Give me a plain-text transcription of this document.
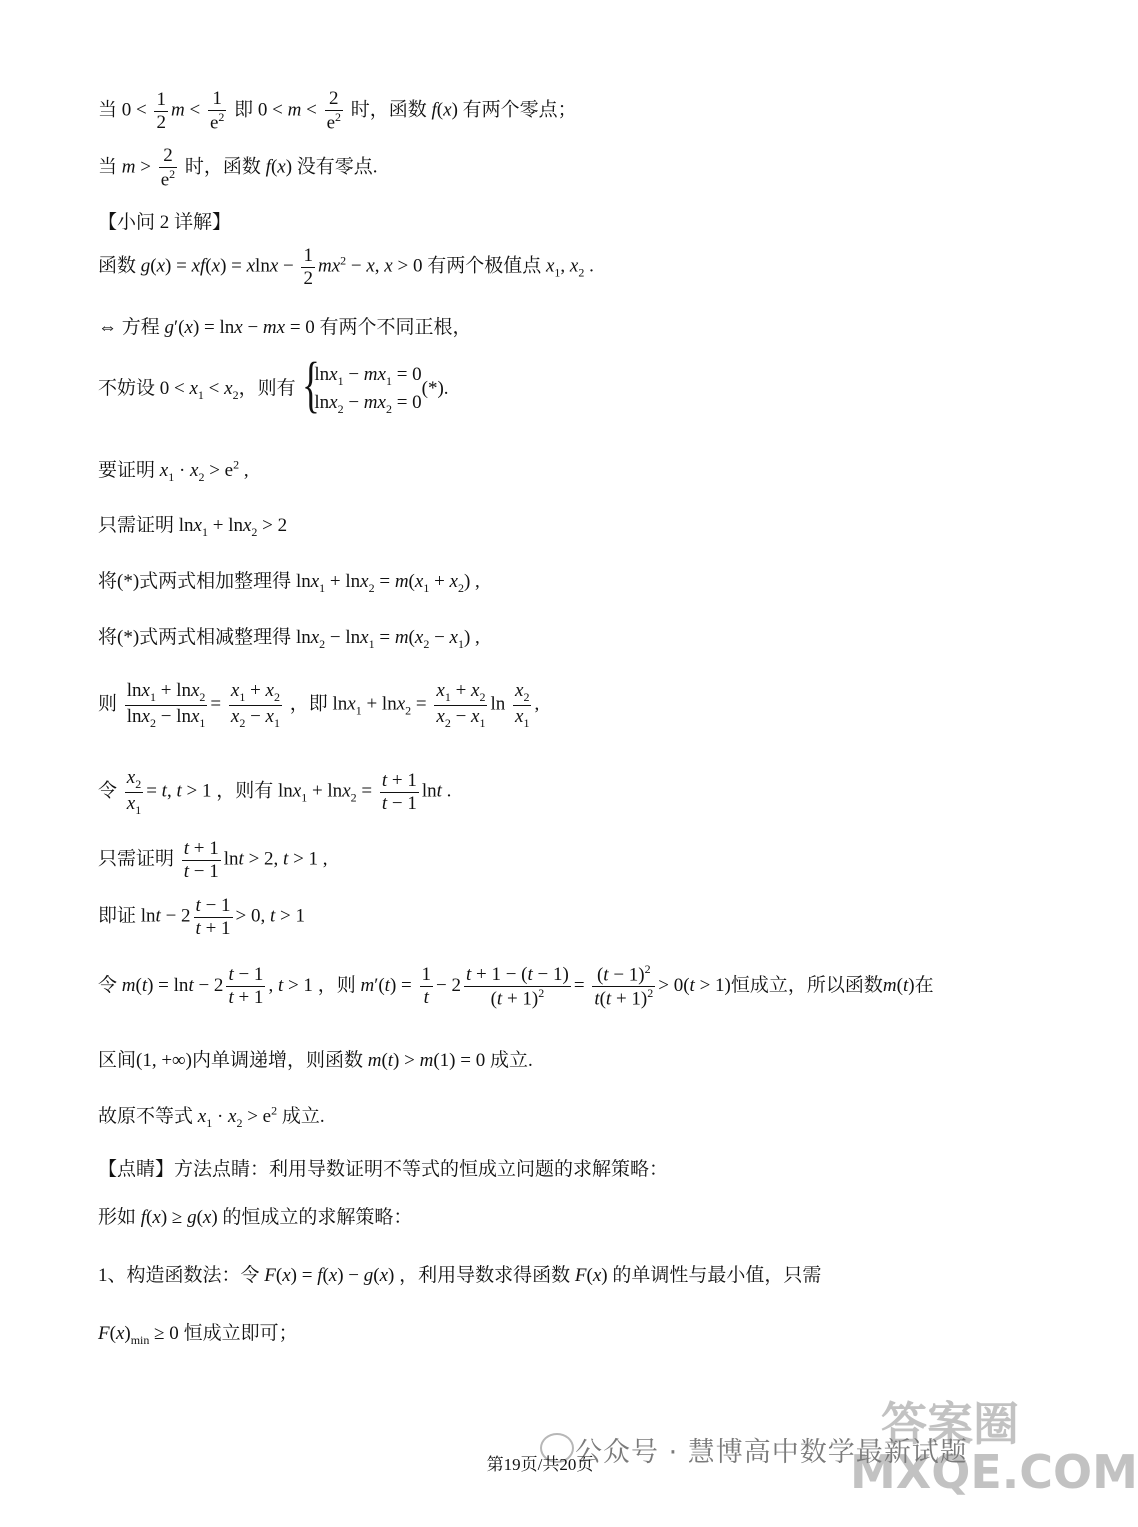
当 $0 < \frac{1}{2}$ $m < \frac{1}{e^2}$ 即 $0 < m < \frac{2}{e^2}$ 时，函数 f(x) 有两个零点；
当 $m > \frac{2}{e^2}$ 时，函数 f(x) 没有零点.
【小问 2 详解】
函数 $g(x) = xf(x) = xlnx - \frac{1}{2} mx^2 - x$, x > 0 有两个极值点 $x_1$, $x_2$ .
⇔ 方程 g′(x) = lnx − mx = 0 有两个不同正根，
不妨设 $0 < x_1 < x_2$，则有
{ $\ln x_1 - mx_1 = 0$
$\ln x_2 - mx_2 = 0$
(*).
要证明 $x_1 \cdot x_2 > e^2$ ,
只需证明 lnx$_1$ + lnx$_2$ > 2
将(*)式两式相加整理得 $\ln x_1 + \ln x_2 = m(x_1 + x_2)$ ,
将(*)式两式相减整理得 $\ln x_2 - \ln x_1 = m(x_2 - x_1)$ ,
则 $\frac{\ln x_1 + \ln x_2}{\ln x_2 - \ln x_1} = \frac{x_1 + x_2}{x_2 - x_1}$ ，即 $\ln x_1 + \ln x_2 = \frac{x_1 + x_2}{x_2 - x_1}$ $\ln \frac{x_2}{x_1}$ ,
令 $\frac{x_2}{x_1} = t$, t > 1 ，则有 $\ln x_1 + \ln x_2 = \frac{t + 1}{t - 1}$ lnt .
只需证明 $\frac{t + 1}{t - 1}$ lnt > 2, t > 1 ,
即证 $\ln t - 2 \frac{t - 1}{t + 1} > 0$, t > 1
令 $m(t) = \ln t - 2 \frac{t - 1}{t + 1}$ , t > 1 ，则 $m'(t) = \frac{1}{t} - 2 \frac{t + 1 - (t - 1)}{(t + 1)^2} = \frac{(t - 1)^2}{t(t + 1)^2} > 0(t > 1)$恒成立，所以函数m(t)在
区间(1, +∞)内单调递增，则函数 m(t) > m(1) = 0 成立.
故原不等式 $x_1 \cdot x_2 > e^2$ 成立.
【点睛】方法点睛：利用导数证明不等式的恒成立问题的求解策略：
形如 f(x) ≥ g(x) 的恒成立的求解策略：
1、构造函数法：令 F(x) = f(x) − g(x) ，利用导数求得函数 F(x) 的单调性与最小值，只需
$F(x)_{min} \ge 0$ 恒成立即可；
公众号 · 慧博高中数学最新试题
答案圈 MXQE.COM
第19页/共20页
